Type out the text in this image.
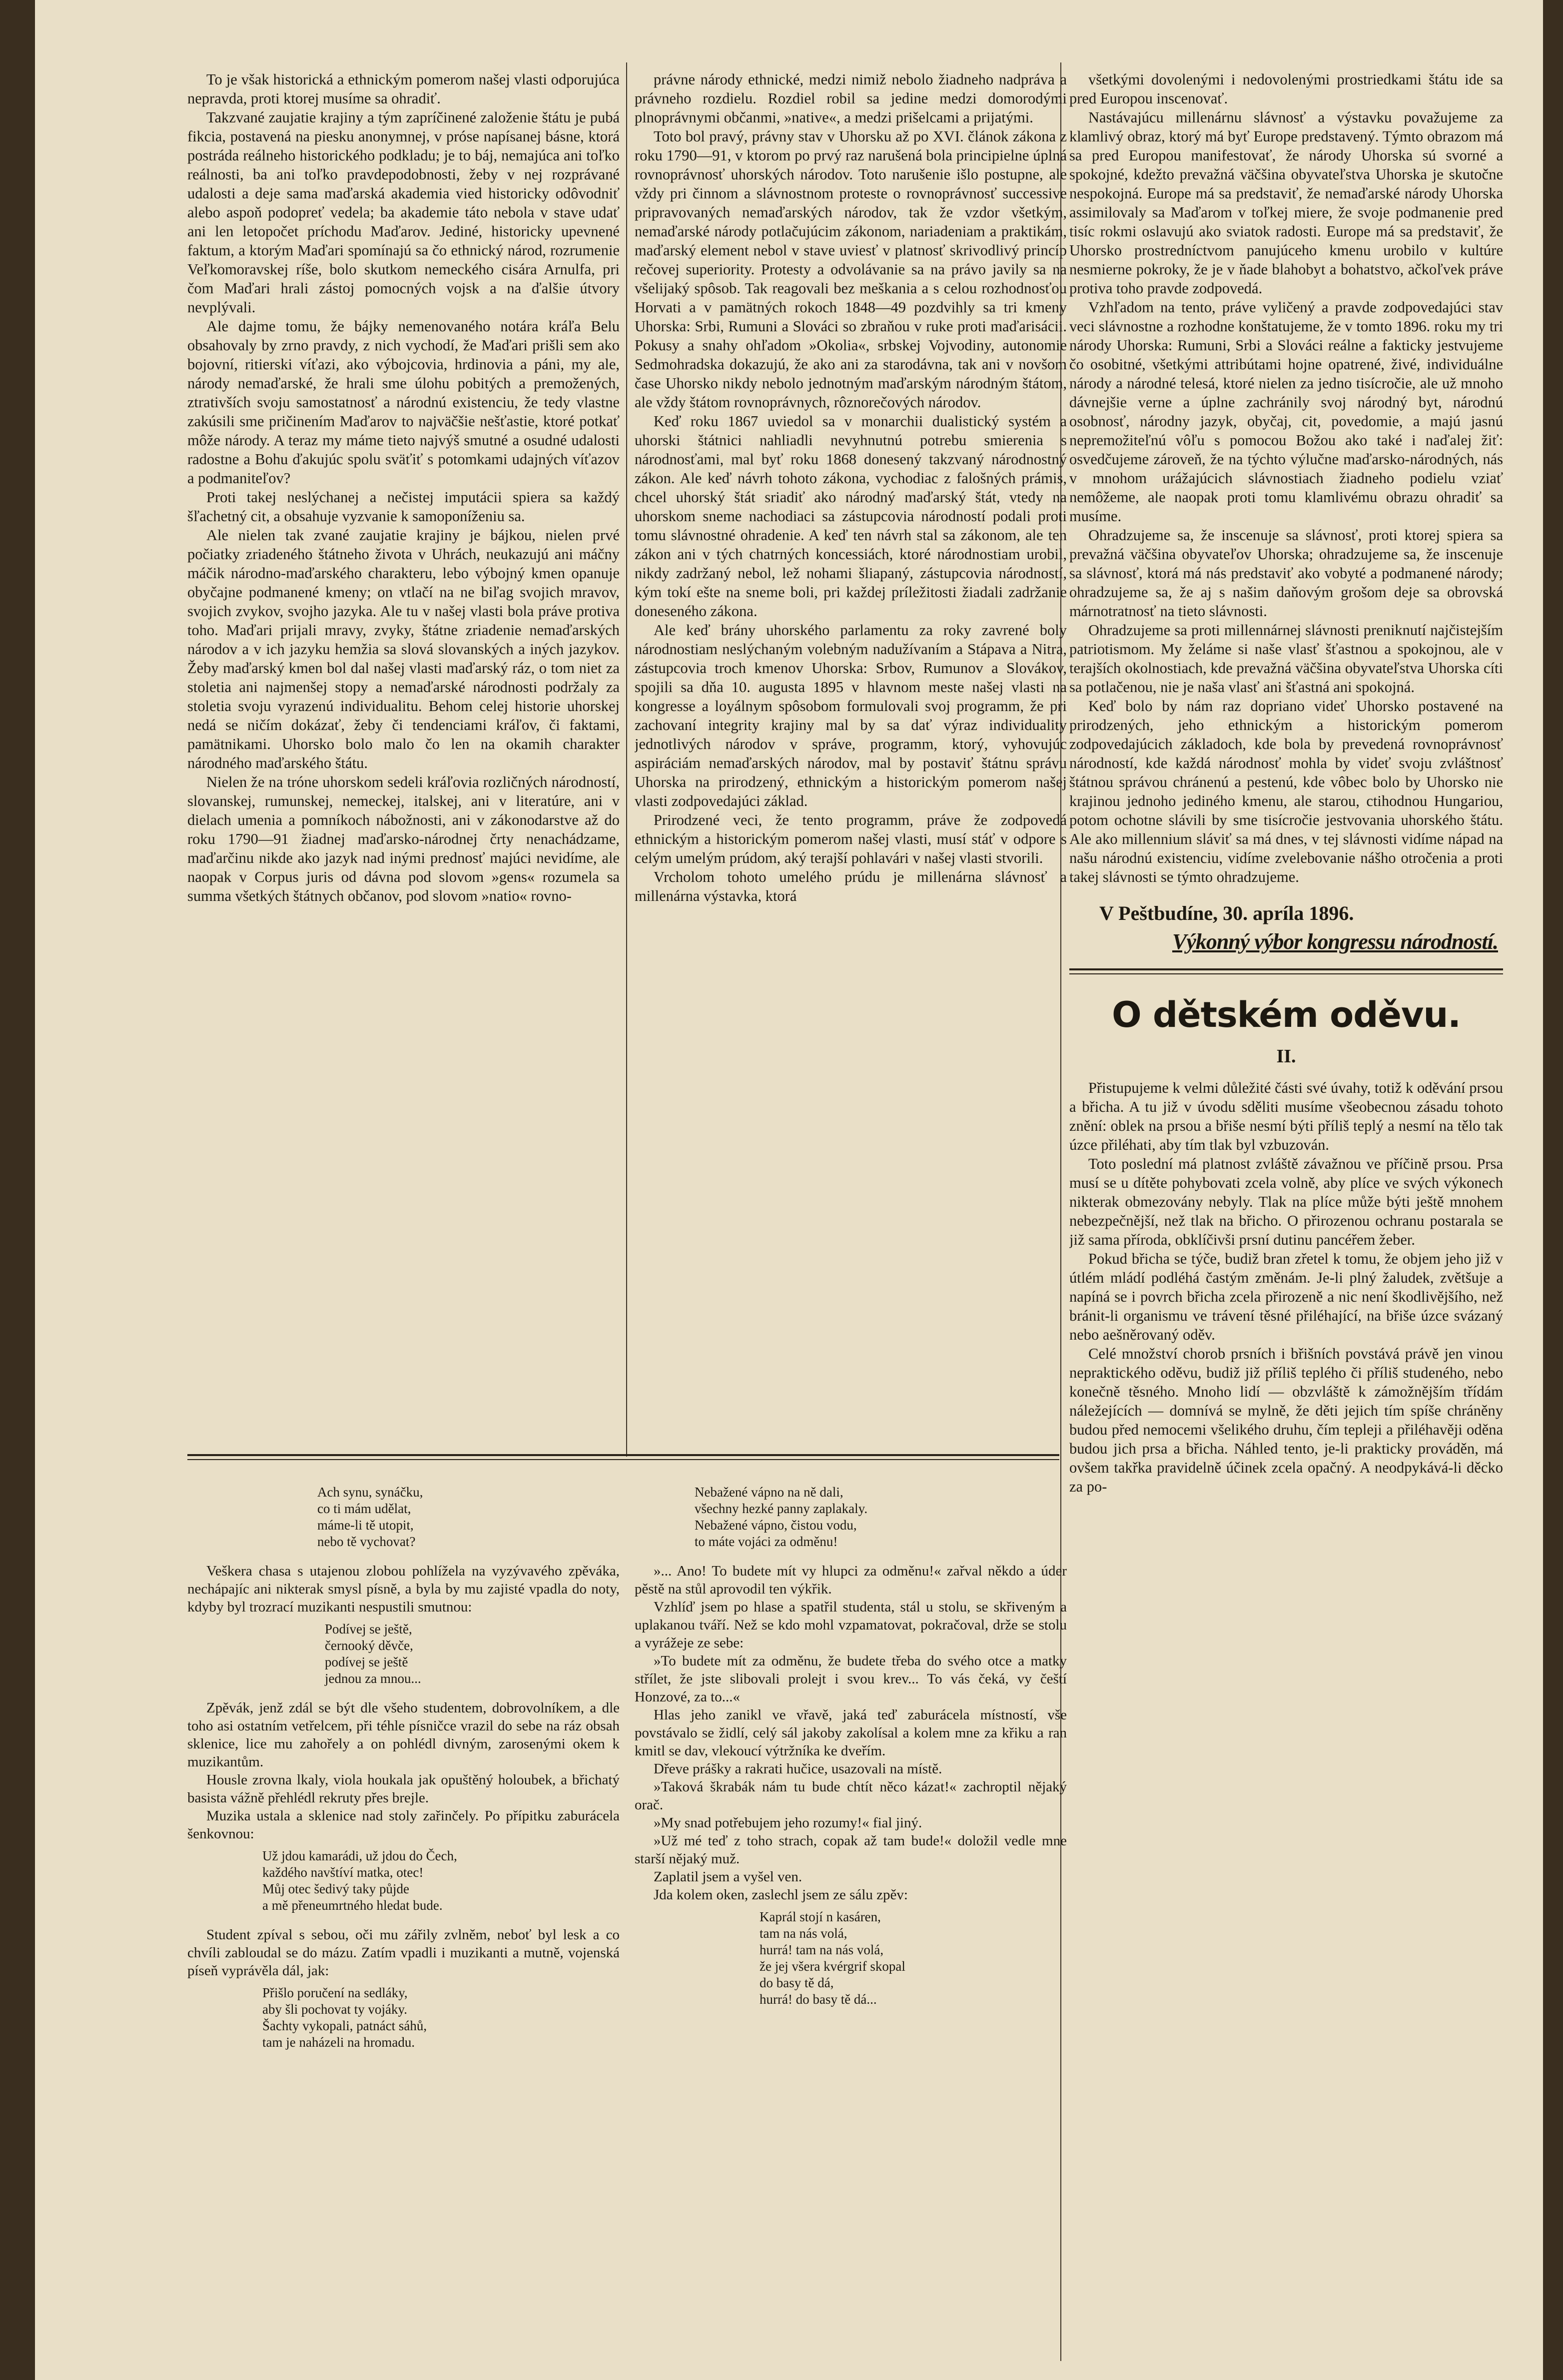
To je však historická a ethnickým pomerom našej vlasti odporujúca nepravda, proti ktorej musíme sa ohradiť.

Takzvané zaujatie krajiny a tým zapríčinené založenie štátu je pubá fikcia, postavená na piesku anonymnej, v próse napísanej básne, ktorá postráda reálneho historického podkladu; je to báj, nemajúca ani toľko reálnosti, ba ani toľko pravdepodobnosti, žeby v nej rozprávané udalosti a deje sama maďarská akademia vied historicky odôvodniť alebo aspoň podopreť vedela; ba akademie táto nebola v stave udať ani len letopočet príchodu Maďarov. Jediné, historicky upevnené faktum, a ktorým Maďari spomínajú sa čo ethnický národ, rozrumenie Veľkomoravskej ríše, bolo skutkom nemeckého cisára Arnulfa, pri čom Maďari hrali zástoj pomocných vojsk a na ďalšie útvory nevplývali.

Ale dajme tomu, že bájky nemenovaného notára kráľa Belu obsahovaly by zrno pravdy, z nich vychodí, že Maďari prišli sem ako bojovní, ritierski víťazi, ako výbojcovia, hrdinovia a páni, my ale, národy nemaďarské, že hrali sme úlohu pobitých a premožených, ztrativších svoju samostatnosť a národnú existenciu, že tedy vlastne zakúsili sme pričinením Maďarov to najväčšie nešťastie, ktoré potkať môže národy. A teraz my máme tieto najvýš smutné a osudné udalosti radostne a Bohu ďakujúc spolu sväťiť s potomkami udajných víťazov a podmaniteľov?

Proti takej neslýchanej a nečistej imputácii spiera sa každý šľachetný cit, a obsahuje vyzvanie k samoponíženiu sa.

Ale nielen tak zvané zaujatie krajiny je bájkou, nielen prvé počiatky zriadeného štátneho života v Uhrách, neukazujú ani máčny máčik národno-maďarského charakteru, lebo výbojný kmen opanuje obyčajne podmanené kmeny; on vtlačí na ne biľag svojich mravov, svojich zvykov, svojho jazyka. Ale tu v našej vlasti bola práve protiva toho. Maďari prijali mravy, zvyky, štátne zriadenie nemaďarských národov a v ich jazyku hemžia sa slová slovanských a iných jazykov. Žeby maďarský kmen bol dal našej vlasti maďarský ráz, o tom niet za stoletia ani najmenšej stopy a nemaďarské národnosti podržaly za stoletia svoju vyrazenú individualitu. Behom celej historie uhorskej nedá se ničím dokázať, žeby či tendenciami kráľov, či faktami, pamätnikami. Uhorsko bolo malo čo len na okamih charakter národného maďarského štátu.

Nielen že na tróne uhorskom sedeli kráľovia rozličných národností, slovanskej, rumunskej, nemeckej, italskej, ani v literatúre, ani v dielach umenia a pomníkoch nábožnosti, ani v zákonodarstve až do roku 1790—91 žiadnej maďarsko-národnej črty nenachádzame, maďarčinu nikde ako jazyk nad inými prednosť majúci nevidíme, ale naopak v Corpus juris od dávna pod slovom »gens« rozumela sa summa všetkých štátnych občanov, pod slovom »natio« rovno-

právne národy ethnické, medzi nimiž nebolo žiadneho nadpráva a právneho rozdielu. Rozdiel robil sa jedine medzi domorodými plnoprávnymi občanmi, »native«, a medzi prišelcami a prijatými.

Toto bol pravý, právny stav v Uhorsku až po XVI. článok zákona z roku 1790—91, v ktorom po prvý raz narušená bola principielne úplná rovnoprávnosť uhorských národov. Toto narušenie išlo postupne, ale vždy pri činnom a slávnostnom proteste o rovnoprávnosť successive pripravovaných nemaďarských národov, tak že vzdor všetkým, nemaďarské národy potlačujúcim zákonom, nariadeniam a praktikám, maďarský element nebol v stave uviesť v platnosť skrivodlivý princíp rečovej superiority. Protesty a odvolávanie sa na právo javily sa na všelijaký spôsob. Tak reagovali bez meškania a s celou rozhodnosťou Horvati a v pamätných rokoch 1848—49 pozdvihly sa tri kmeny Uhorska: Srbi, Rumuni a Slováci so zbraňou v ruke proti maďarisácii. Pokusy a snahy ohľadom »Okolia«, srbskej Vojvodiny, autonomie Sedmohradska dokazujú, že ako ani za starodávna, tak ani v novšom čase Uhorsko nikdy nebolo jednotným maďarským národným štátom, ale vždy štátom rovnoprávnych, rôznorečových národov.

Keď roku 1867 uviedol sa v monarchii dualistický systém a uhorski štátnici nahliadli nevyhnutnú potrebu smierenia s národnosťami, mal byť roku 1868 donesený takzvaný národnostný zákon. Ale keď návrh tohoto zákona, vychodiac z falošných prámis, chcel uhorský štát sriadiť ako národný maďarský štát, vtedy na uhorskom sneme nachodiaci sa zástupcovia národností podali proti tomu slávnostné ohradenie. A keď ten návrh stal sa zákonom, ale ten zákon ani v tých chatrných koncessiách, ktoré národnostiam urobil, nikdy zadržaný nebol, lež nohami šliapaný, zástupcovia národností, kým tokí ešte na sneme boli, pri každej príležitosti žiadali zadržanie doneseného zákona.

Ale keď brány uhorského parlamentu za roky zavrené boly národnostiam neslýchaným volebným nadužívaním a Stápava a Nitra, zástupcovia troch kmenov Uhorska: Srbov, Rumunov a Slovákov, spojili sa dňa 10. augusta 1895 v hlavnom meste našej vlasti na kongresse a loyálnym spôsobom formulovali svoj programm, že pri zachovaní integrity krajiny mal by sa dať výraz individuality jednotlivých národov v správe, programm, ktorý, vyhovujúc aspiráciám nemaďarských národov, mal by postaviť štátnu správu Uhorska na prirodzený, ethnickým a historickým pomerom našej vlasti zodpovedajúci základ.

Prirodzené veci, že tento programm, práve že zodpovedá ethnickým a historickým pomerom našej vlasti, musí stáť v odpore s celým umelým prúdom, aký terajší pohlavári v našej vlasti stvorili.

Vrcholom tohoto umelého prúdu je millenárna slávnosť a millenárna výstavka, ktorá

všetkými dovolenými i nedovolenými prostriedkami štátu ide sa pred Europou inscenovať.

Nastávajúcu millenárnu slávnosť a výstavku považujeme za klamlivý obraz, ktorý má byť Europe predstavený. Týmto obrazom má sa pred Europou manifestovať, že národy Uhorska sú svorné a spokojné, kdežto prevažná väčšina obyvateľstva Uhorska je skutočne nespokojná. Europe má sa predstaviť, že nemaďarské národy Uhorska assimilovaly sa Maďarom v toľkej miere, že svoje podmanenie pred tisíc rokmi oslavujú ako sviatok radosti. Europe má sa predstaviť, že Uhorsko prostredníctvom panujúceho kmenu urobilo v kultúre nesmierne pokroky, že je v ňade blahobyt a bohatstvo, ačkoľvek práve protiva toho pravde zodpovedá.

Vzhľadom na tento, práve vyličený a pravde zodpovedajúci stav veci slávnostne a rozhodne konštatujeme, že v tomto 1896. roku my tri národy Uhorska: Rumuni, Srbi a Slováci reálne a fakticky jestvujeme čo osobitné, všetkými attribútami hojne opatrené, živé, individuálne národy a národné telesá, ktoré nielen za jedno tisícročie, ale už mnoho dávnejšie verne a úplne zachránily svoj národný byt, národnú osobnosť, národny jazyk, obyčaj, cit, povedomie, a majú jasnú nepremožiteľnú vôľu s pomocou Božou ako také i naďalej žiť: osvedčujeme zároveň, že na týchto výlučne maďarsko-národných, nás v mnohom urážajúcich slávnostiach žiadneho podielu vziať nemôžeme, ale naopak proti tomu klamlivému obrazu ohradiť sa musíme.

Ohradzujeme sa, že inscenuje sa slávnosť, proti ktorej spiera sa prevažná väčšina obyvateľov Uhorska; ohradzujeme sa, že inscenuje sa slávnosť, ktorá má nás predstaviť ako vobyté a podmanené národy; ohradzujeme sa, že aj s našim daňovým grošom deje sa obrovská márnotratnosť na tieto slávnosti.

Ohradzujeme sa proti millennárnej slávnosti preniknutí najčistejším patriotismom. My želáme si naše vlasť šťastnou a spokojnou, ale v terajších okolnostiach, kde prevažná väčšina obyvateľstva Uhorska cíti sa potlačenou, nie je naša vlasť ani šťastná ani spokojná.

Keď bolo by nám raz dopriano videť Uhorsko postavené na prirodzených, jeho ethnickým a historickým pomerom zodpovedajúcich základoch, kde bola by prevedená rovnoprávnosť národností, kde každá národnosť mohla by videť svoju zvláštnosť štátnou správou chránenú a pestenú, kde vôbec bolo by Uhorsko nie krajinou jednoho jediného kmenu, ale starou, ctihodnou Hungariou, potom ochotne slávili by sme tisícročie jestvovania uhorského štátu. Ale ako millennium sláviť sa má dnes, v tej slávnosti vidíme nápad na našu národnú existenciu, vidíme zvelebovanie nášho otročenia a proti takej slávnosti se týmto ohradzujeme.

V Peštbudíne, 30. apríla 1896.
Výkonný výbor kongressu národností.
O dětském oděvu.
II.

Přistupujeme k velmi důležité části své úvahy, totiž k oděvání prsou a břicha. A tu již v úvodu sděliti musíme všeobecnou zásadu tohoto znění: oblek na prsou a břiše nesmí býti příliš teplý a nesmí na tělo tak úzce přiléhati, aby tím tlak byl vzbuzován.

Toto poslední má platnost zvláště závažnou ve příčině prsou. Prsa musí se u dítěte pohybovati zcela volně, aby plíce ve svých výkonech nikterak obmezovány nebyly. Tlak na plíce může býti ještě mnohem nebezpečnější, než tlak na břicho. O přirozenou ochranu postarala se již sama příroda, obklíčivši prsní dutinu pancéřem žeber.

Pokud břicha se týče, budiž bran zřetel k tomu, že objem jeho již v útlém mládí podléhá častým změnám. Je-li plný žaludek, zvětšuje a napíná se i povrch břicha zcela přirozeně a nic není škodlivějšího, než bránit-li organismu ve trávení těsné přiléhající, na břiše úzce svázaný nebo aešněrovaný oděv.

Celé množství chorob prsních i břišních povstává právě jen vinou nepraktického oděvu, budiž již příliš teplého či příliš studeného, nebo konečně těsného. Mnoho lidí — obzvláště k zámožnějším třídám náležejících — domnívá se mylně, že děti jejich tím spíše chráněny budou před nemocemi všelikého druhu, čím tepleji a přiléhavěji oděna budou jich prsa a břicha. Náhled tento, je-li prakticky prováděn, má ovšem takřka pravidelně účinek zcela opačný. A neodpykává-li děcko za po-

Ach synu, synáčku,
co ti mám udělat,
máme-li tě utopit,
nebo tě vychovat?

Veškera chasa s utajenou zlobou pohlížela na vyzývavého zpěváka, nechápajíc ani nikterak smysl písně, a byla by mu zajisté vpadla do noty, kdyby byl trozrací muzikanti nespustili smutnou:

Podívej se ještě,
černooký děvče,
podívej se ještě
jednou za mnou...

Zpěvák, jenž zdál se být dle všeho studentem, dobrovolníkem, a dle toho asi ostatním vetřelcem, při téhle písničce vrazil do sebe na ráz obsah sklenice, lice mu zahořely a on pohlédl divným, zarosenými okem k muzikantům.

Housle zrovna lkaly, viola houkala jak opuštěný holoubek, a břichatý basista vážně přehlédl rekruty přes brejle.

Muzika ustala a sklenice nad stoly zařinčely. Po přípitku zaburácela šenkovnou:

Už jdou kamarádi, už jdou do Čech,
každého navštíví matka, otec!
Můj otec šedivý taky půjde
a mě přeneumrtného hledat bude.

Student zpíval s sebou, oči mu zářily zvlněm, neboť byl lesk a co chvíli zabloudal se do mázu. Zatím vpadli i muzikanti a mutně, vojenská píseň vyprávěla dál, jak:

Přišlo poručení na sedláky,
aby šli pochovat ty vojáky.
Šachty vykopali, patnáct sáhů,
tam je naházeli na hromadu.
Nebažené vápno na ně dali,
všechny hezké panny zaplakaly.
Nebažené vápno, čistou vodu,
to máte vojáci za odměnu!

»... Ano! To budete mít vy hlupci za odměnu!« zařval někdo a úder pěstě na stůl aprovodil ten výkřik.

Vzhlíď jsem po hlase a spatřil studenta, stál u stolu, se skřiveným a uplakanou tváří. Než se kdo mohl vzpamatovat, pokračoval, drže se stolu a vyrážeje ze sebe:

»To budete mít za odměnu, že budete třeba do svého otce a matky střílet, že jste slibovali prolejt i svou krev... To vás čeká, vy čeští Honzové, za to...«

Hlas jeho zanikl ve vřavě, jaká teď zaburácela místností, vše povstávalo se židlí, celý sál jakoby zakolísal a kolem mne za křiku a ran kmitl se dav, vlekoucí výtržníka ke dveřím.

Dřeve prášky a rakrati hučice, usazovali na místě.

»Taková škrabák nám tu bude chtít něco kázat!« zachroptil nějaký orač.

»My snad potřebujem jeho rozumy!« fial jiný.

»Už mé teď z toho strach, copak až tam bude!« doložil vedle mne starší nějaký muž.

Zaplatil jsem a vyšel ven.

Jda kolem oken, zaslechl jsem ze sálu zpěv:

Kaprál stojí n kasáren,
tam na nás volá,
hurrá! tam na nás volá,
že jej všera kvérgrif skopal
do basy tě dá,
hurrá! do basy tě dá...
